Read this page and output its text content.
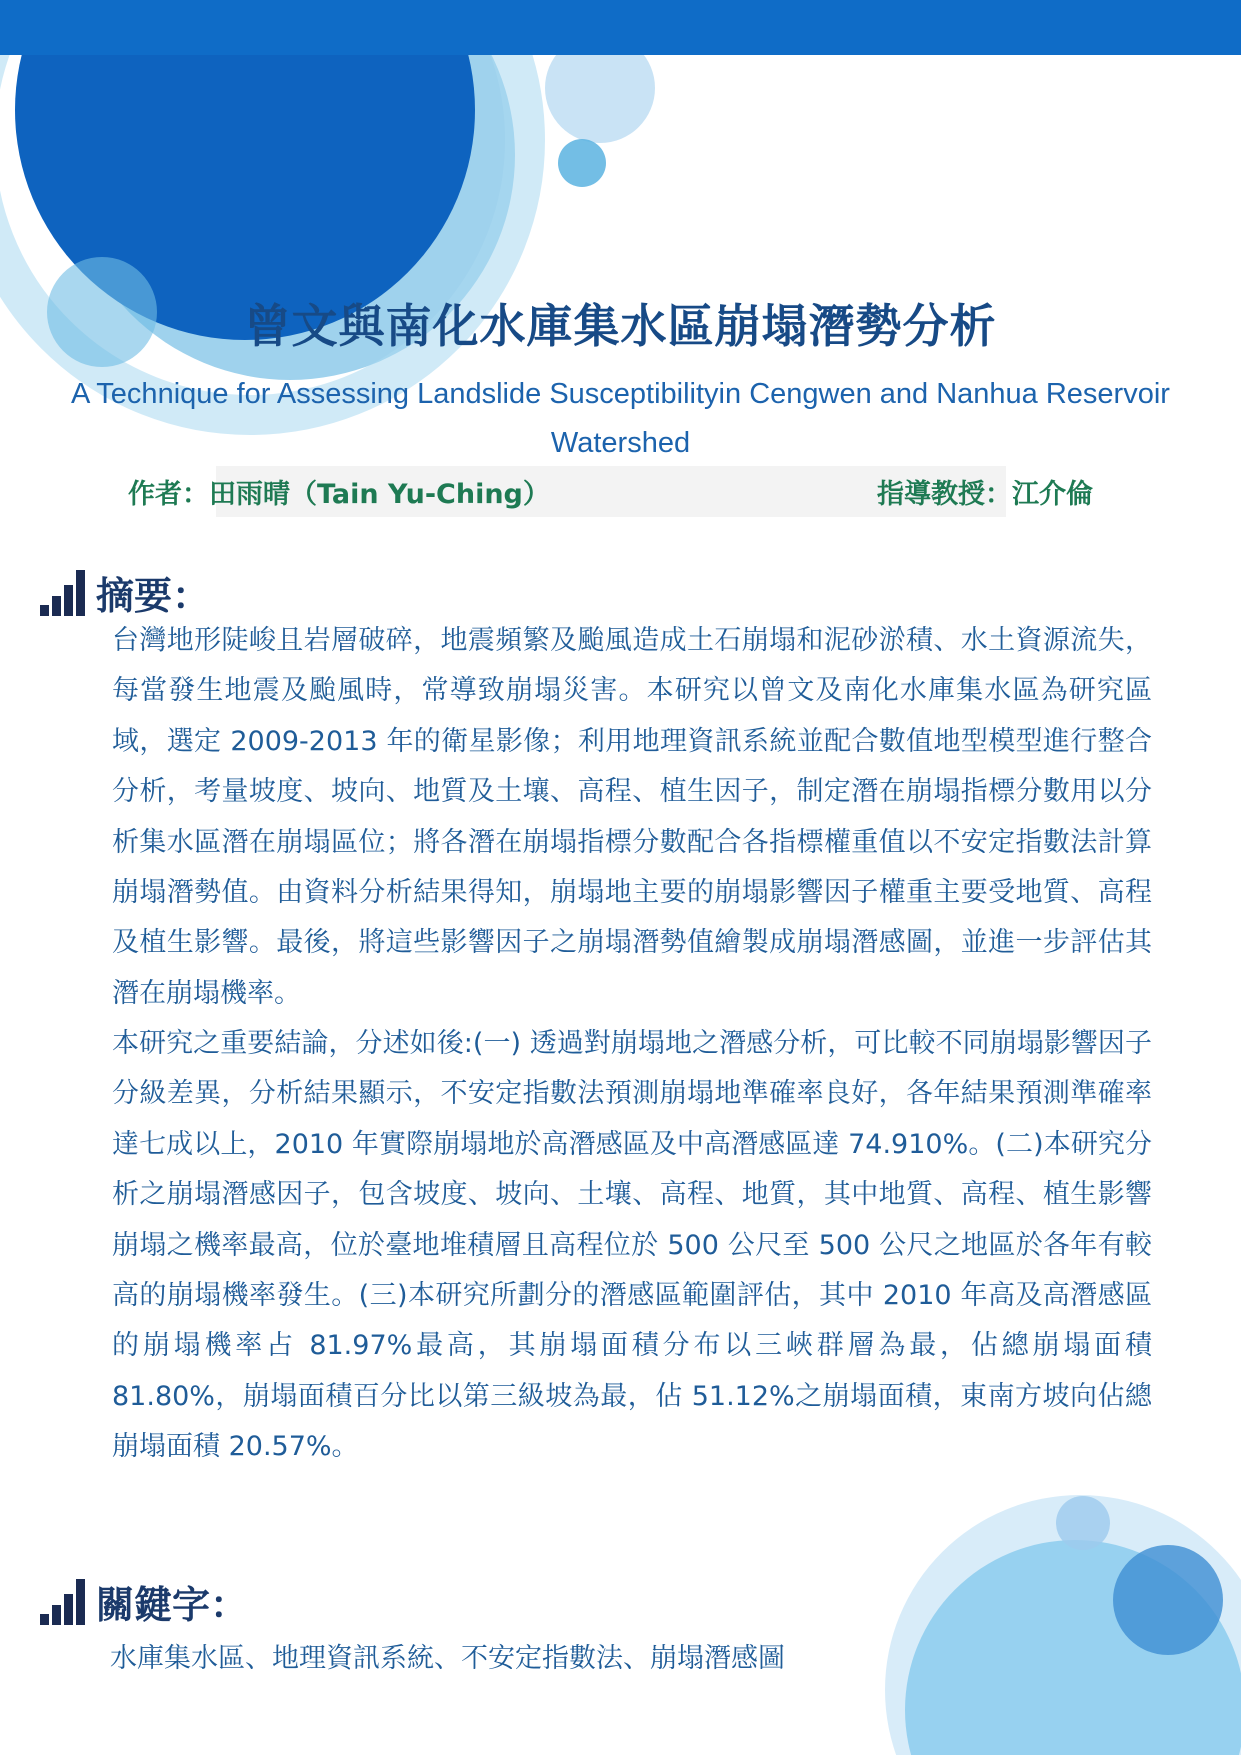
曾文與南化水庫集水區崩塌潛勢分析
A Technique for Assessing Landslide Susceptibilityin Cengwen and Nanhua Reservoir Watershed
作者：田雨晴（Tain Yu-Ching）	指導教授：江介倫
摘要：

台灣地形陡峻且岩層破碎，地震頻繁及颱風造成土石崩塌和泥砂淤積、水土資源流失，每當發生地震及颱風時，常導致崩塌災害。本研究以曾文及南化水庫集水區為研究區域，選定 2009-2013 年的衛星影像；利用地理資訊系統並配合數值地型模型進行整合分析，考量坡度、坡向、地質及土壤、高程、植生因子，制定潛在崩塌指標分數用以分析集水區潛在崩塌區位；將各潛在崩塌指標分數配合各指標權重值以不安定指數法計算崩塌潛勢值。由資料分析結果得知，崩塌地主要的崩塌影響因子權重主要受地質、高程及植生影響。最後，將這些影響因子之崩塌潛勢值繪製成崩塌潛感圖，並進一步評估其潛在崩塌機率。

本研究之重要結論，分述如後:(一) 透過對崩塌地之潛感分析，可比較不同崩塌影響因子分級差異，分析結果顯示，不安定指數法預測崩塌地準確率良好，各年結果預測準確率達七成以上，2010 年實際崩塌地於高潛感區及中高潛感區達 74.910%。(二)本研究分析之崩塌潛感因子，包含坡度、坡向、土壤、高程、地質，其中地質、高程、植生影響崩塌之機率最高，位於臺地堆積層且高程位於 500 公尺至 500 公尺之地區於各年有較高的崩塌機率發生。(三)本研究所劃分的潛感區範圍評估，其中 2010 年高及高潛感區的崩塌機率占 81.97%最高，其崩塌面積分布以三峽群層為最，佔總崩塌面積 81.80%，崩塌面積百分比以第三級坡為最，佔 51.12%之崩塌面積，東南方坡向佔總崩塌面積 20.57%。

關鍵字：
水庫集水區、地理資訊系統、不安定指數法、崩塌潛感圖
